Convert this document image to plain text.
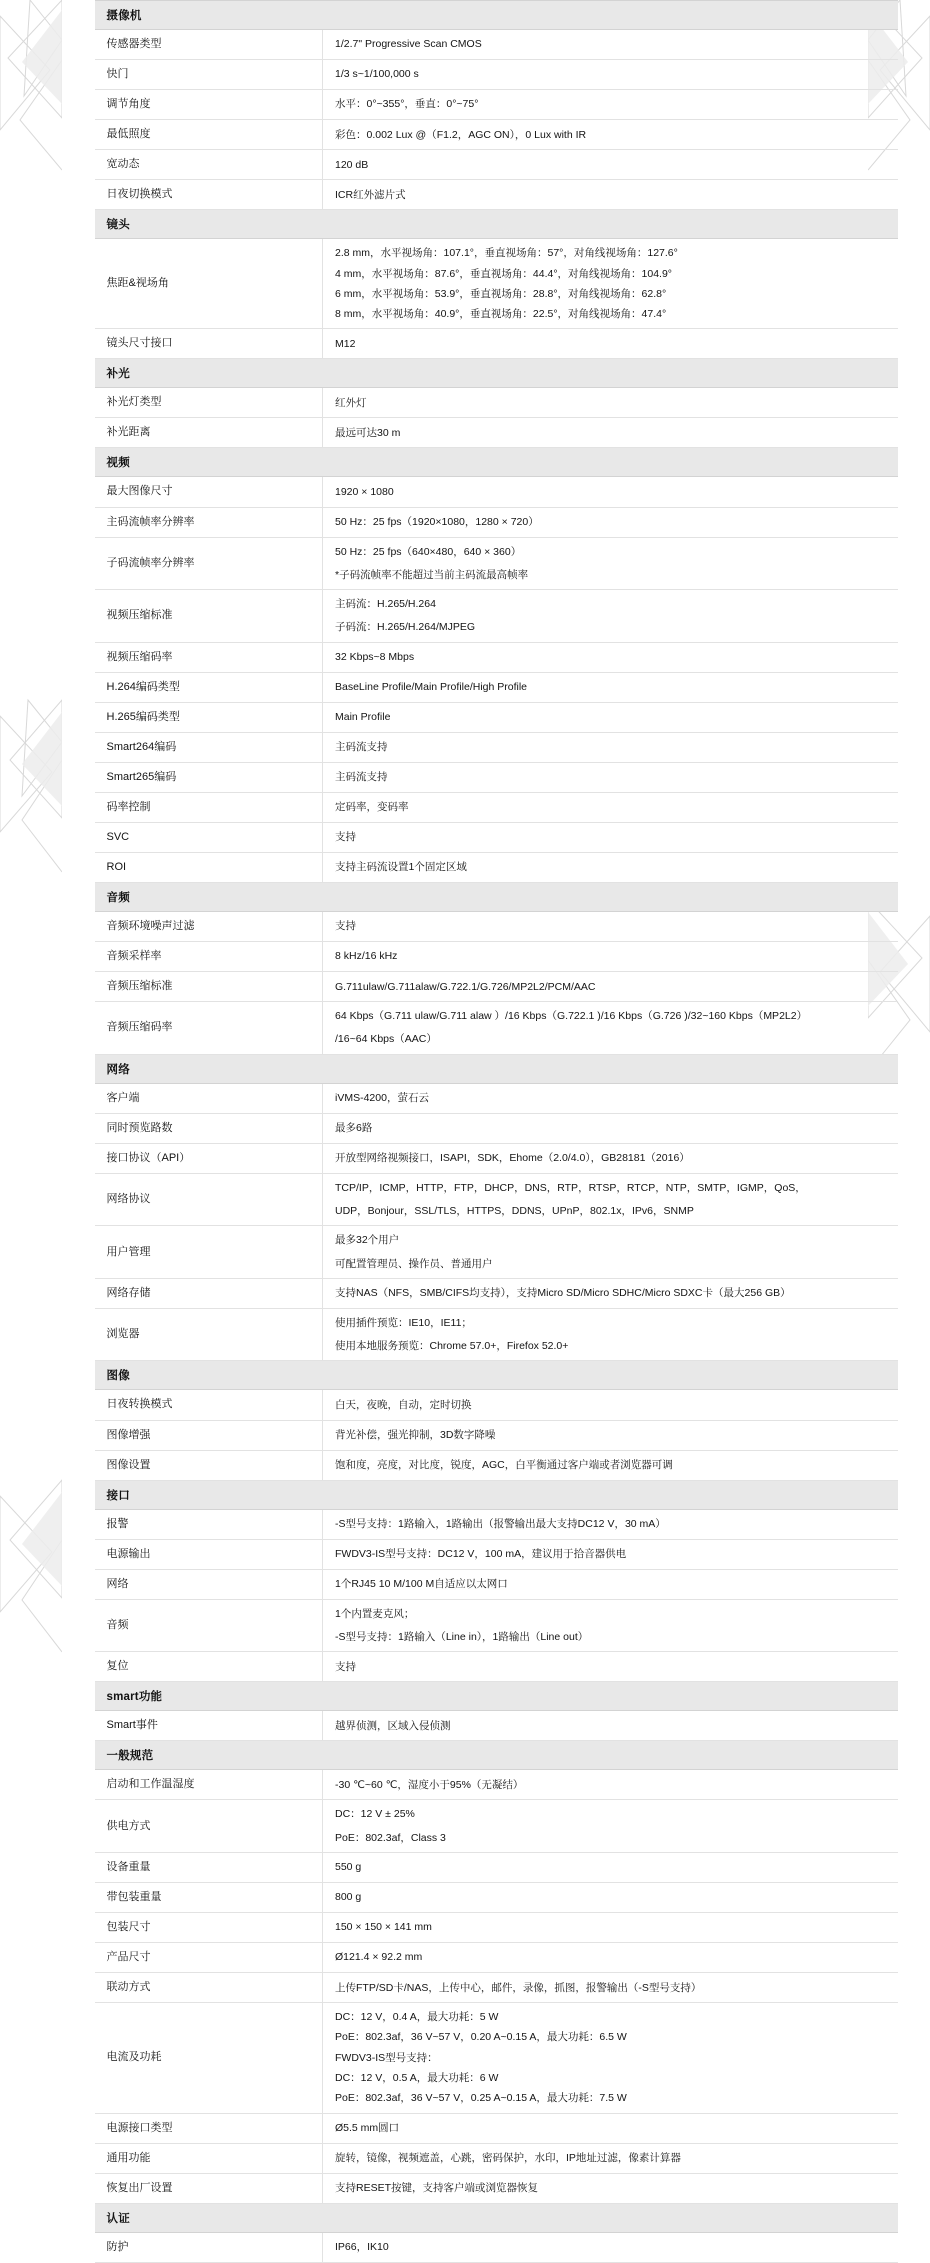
摄像机	
传感器类型	1/2.7" Progressive Scan CMOS

快门	1/3 s~1/100,000 s

调节角度	水平：0°~355°，垂直：0°~75°

最低照度	彩色：0.002 Lux @（F1.2，AGC ON），0 Lux with IR

宽动态	120 dB

日夜切换模式	ICR红外滤片式

镜头	
焦距&视场角	2.8 mm，水平视场角：107.1°，垂直视场角：57°，对角线视场角：127.6°
4 mm，水平视场角：87.6°，垂直视场角：44.4°，对角线视场角：104.9°
6 mm，水平视场角：53.9°，垂直视场角：28.8°，对角线视场角：62.8°
8 mm，水平视场角：40.9°，垂直视场角：22.5°，对角线视场角：47.4°

镜头尺寸接口	M12

补光	
补光灯类型	红外灯

补光距离	最远可达30 m

视频	
最大图像尺寸	1920 × 1080

主码流帧率分辨率	50 Hz：25 fps（1920×1080，1280 × 720）

子码流帧率分辨率	50 Hz：25 fps（640×480，640 × 360）
*子码流帧率不能超过当前主码流最高帧率

视频压缩标准	主码流：H.265/H.264
子码流：H.265/H.264/MJPEG

视频压缩码率	32 Kbps~8 Mbps

H.264编码类型	BaseLine Profile/Main Profile/High Profile

H.265编码类型	Main Profile

Smart264编码	主码流支持

Smart265编码	主码流支持

码率控制	定码率，变码率

SVC	支持

ROI	支持主码流设置1个固定区域

音频	
音频环境噪声过滤	支持

音频采样率	8 kHz/16 kHz

音频压缩标准	G.711ulaw/G.711alaw/G.722.1/G.726/MP2L2/PCM/AAC

音频压缩码率	64 Kbps（G.711 ulaw/G.711 alaw ）/16 Kbps（G.722.1 )/16 Kbps（G.726 )/32~160 Kbps（MP2L2）
/16~64 Kbps（AAC）

网络	
客户端	iVMS-4200，萤石云

同时预览路数	最多6路

接口协议（API）	开放型网络视频接口，ISAPI，SDK，Ehome（2.0/4.0），GB28181（2016）

网络协议	TCP/IP，ICMP，HTTP，FTP，DHCP，DNS，RTP，RTSP，RTCP，NTP，SMTP，IGMP，QoS，
UDP，Bonjour，SSL/TLS，HTTPS，DDNS，UPnP，802.1x，IPv6，SNMP

用户管理	最多32个用户
可配置管理员、操作员、普通用户

网络存储	支持NAS（NFS，SMB/CIFS均支持），支持Micro SD/Micro SDHC/Micro SDXC卡（最大256 GB）

浏览器	使用插件预览：IE10，IE11；
使用本地服务预览：Chrome 57.0+，Firefox 52.0+

图像	
日夜转换模式	白天，夜晚，自动，定时切换

图像增强	背光补偿，强光抑制，3D数字降噪

图像设置	饱和度，亮度，对比度，锐度，AGC，白平衡通过客户端或者浏览器可调

接口	
报警	-S型号支持：1路输入，1路输出（报警输出最大支持DC12 V，30 mA）

电源输出	FWDV3-IS型号支持：DC12 V，100 mA，建议用于拾音器供电

网络	1个RJ45 10 M/100 M自适应以太网口

音频	1个内置麦克风；
-S型号支持：1路输入（Line in），1路输出（Line out）

复位	支持

smart功能	
Smart事件	越界侦测，区域入侵侦测

一般规范	
启动和工作温湿度	-30 ℃~60 ℃，湿度小于95%（无凝结）

供电方式	DC：12 V ± 25%
PoE：802.3af，Class 3

设备重量	550 g

带包装重量	800 g

包装尺寸	150 × 150 × 141 mm

产品尺寸	Ø121.4 × 92.2 mm

联动方式	上传FTP/SD卡/NAS，上传中心，邮件，录像，抓图，报警输出（-S型号支持）

电流及功耗	DC：12 V，0.4 A，最大功耗：5 W
PoE：802.3af，36 V~57 V，0.20 A~0.15 A，最大功耗：6.5 W
FWDV3-IS型号支持：
DC：12 V，0.5 A，最大功耗：6 W
PoE：802.3af，36 V~57 V，0.25 A~0.15 A，最大功耗：7.5 W

电源接口类型	Ø5.5 mm圆口

通用功能	旋转，镜像，视频遮盖，心跳，密码保护，水印，IP地址过滤，像素计算器

恢复出厂设置	支持RESET按键，支持客户端或浏览器恢复

认证	
防护	IP66，IK10
